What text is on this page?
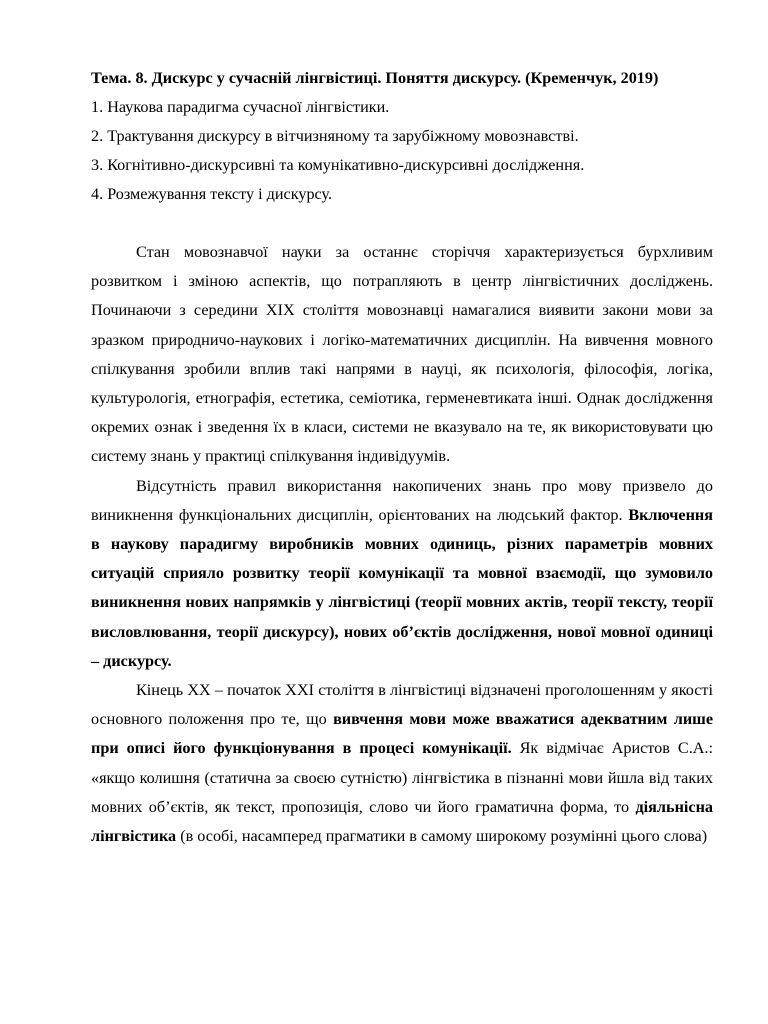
Тема. 8. Дискурс у сучасній лінгвістиці. Поняття дискурсу. (Кременчук, 2019)

1. Наукова парадигма сучасної лінгвістики.
2. Трактування дискурсу в вітчизняному та зарубіжному мовознавстві.
3. Когнітивно-дискурсивні та комунікативно-дискурсивні дослідження.
4. Розмежування тексту і дискурсу.

Стан мовознавчої науки за останнє сторіччя характеризується бурхливим розвитком і зміною аспектів, що потрапляють в центр лінгвістичних досліджень. Починаючи з середини ХІХ століття мовознавці намагалися виявити закони мови за зразком природничо-наукових і логіко-математичних дисциплін. На вивчення мовного спілкування зробили вплив такі напрями в науці, як психологія, філософія, логіка, культурологія, етнографія, естетика, семіотика, герменевтиката інші. Однак дослідження окремих ознак і зведення їх в класи, системи не вказувало на те, як використовувати цю систему знань у практиці спілкування індивідуумів.

Відсутність правил використання накопичених знань про мову призвело до виникнення функціональних дисциплін, орієнтованих на людський фактор. Включення в наукову парадигму виробників мовних одиниць, різних параметрів мовних ситуацій сприяло розвитку теорії комунікації та мовної взаємодії, що зумовило виникнення нових напрямків у лінгвістиці (теорії мовних актів, теорії тексту, теорії висловлювання, теорії дискурсу), нових об’єктів дослідження, нової мовної одиниці – дискурсу.

Кінець ХХ – початок ХХІ століття в лінгвістиці відзначені проголошенням у якості основного положення про те, що вивчення мови може вважатися адекватним лише при описі його функціонування в процесі комунікації. Як відмічає Аристов С.А.: «якщо колишня (статична за своєю сутністю) лінгвістика в пізнанні мови йшла від таких мовних об’єктів, як текст, пропозиція, слово чи його граматична форма, то діяльнісна лінгвістика (в особі, насамперед прагматики в самому широкому розумінні цього слова)
